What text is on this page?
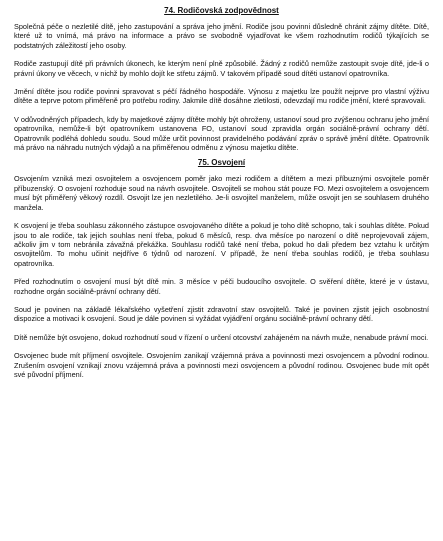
74. Rodičovská zodpovědnost

Společná péče o nezletilé dítě, jeho zastupování a správa jeho jmění. Rodiče jsou povinni důsledně chránit zájmy dítěte. Dítě, které už to vnímá, má právo na informace a právo se svobodně vyjadřovat ke všem rozhodnutím rodičů týkajících se podstatných záležitostí jeho osoby.

Rodiče zastupují dítě při právních úkonech, ke kterým není plně způsobilé. Žádný z rodičů nemůže zastoupit svoje dítě, jde-li o právní úkony ve věcech, v nichž by mohlo dojít ke střetu zájmů. V takovém případě soud dítěti ustanoví opatrovníka.

Jmění dítěte jsou rodiče povinni spravovat s péčí řádného hospodáře. Výnosu z majetku lze použít nejprve pro vlastní výživu dítěte a teprve potom přiměřeně pro potřebu rodiny. Jakmile dítě dosáhne zletilosti, odevzdají mu rodiče jmění, které spravovali.

V odůvodněných případech, kdy by majetkové zájmy dítěte mohly být ohroženy, ustanoví soud pro zvýšenou ochranu jeho jmění opatrovníka, nemůže-li být opatrovníkem ustanovena FO, ustanoví soud zpravidla orgán sociálně-právní ochrany dětí. Opatrovník podléhá dohledu soudu. Soud může určit povinnost pravidelného podávání zpráv o správě jmění dítěte. Opatrovník má právo na náhradu nutných výdajů a na přiměřenou odměnu z výnosu majetku dítěte.

75. Osvojení

Osvojením vzniká mezi osvojitelem a osvojencem poměr jako mezi rodičem a dítětem a mezi příbuznými osvojitele poměr příbuzenský. O osvojení rozhoduje soud na návrh osvojitele. Osvojiteli se mohou stát pouze FO. Mezi osvojitelem a osvojencem musí být přiměřený věkový rozdíl. Osvojit lze jen nezletilého. Je-li osvojitel manželem, může osvojit jen se souhlasem druhého manžela.

K osvojení je třeba souhlasu zákonného zástupce osvojovaného dítěte a pokud je toho dítě schopno, tak i souhlas dítěte. Pokud jsou to ale rodiče, tak jejich souhlas není třeba, pokud 6 měsíců, resp. dva měsíce po narození o dítě neprojevovali zájem, ačkoliv jim v tom nebránila závažná překážka. Souhlasu rodičů také není třeba, pokud ho dali předem bez vztahu k určitým osvojitelům. To mohu učinit nejdříve 6 týdnů od narození. V případě, že není třeba souhlas rodičů, je třeba souhlasu opatrovníka.

Před rozhodnutím o osvojení musí být dítě min. 3 měsíce v péči budoucího osvojitele. O svěření dítěte, které je v ústavu, rozhodne orgán sociálně-právní ochrany dětí.

Soud je povinen na základě lékařského vyšetření zjistit zdravotní stav osvojitelů. Také je povinen zjistit jejich osobnostní dispozice a motivaci k osvojení. Soud je dále povinen si vyžádat vyjádření orgánu sociálně-právní ochrany dětí.

Dítě nemůže být osvojeno, dokud rozhodnutí soud v řízení o určení otcovství zahájeném na návrh muže, nenabude právní moci.

Osvojenec bude mít příjmení osvojitele. Osvojením zanikají vzájemná práva a povinnosti mezi osvojencem a původní rodinou. Zrušením osvojení vznikají znovu vzájemná práva a povinnosti mezi osvojencem a původní rodinou. Osvojenec bude mít opět své původní příjmení.
